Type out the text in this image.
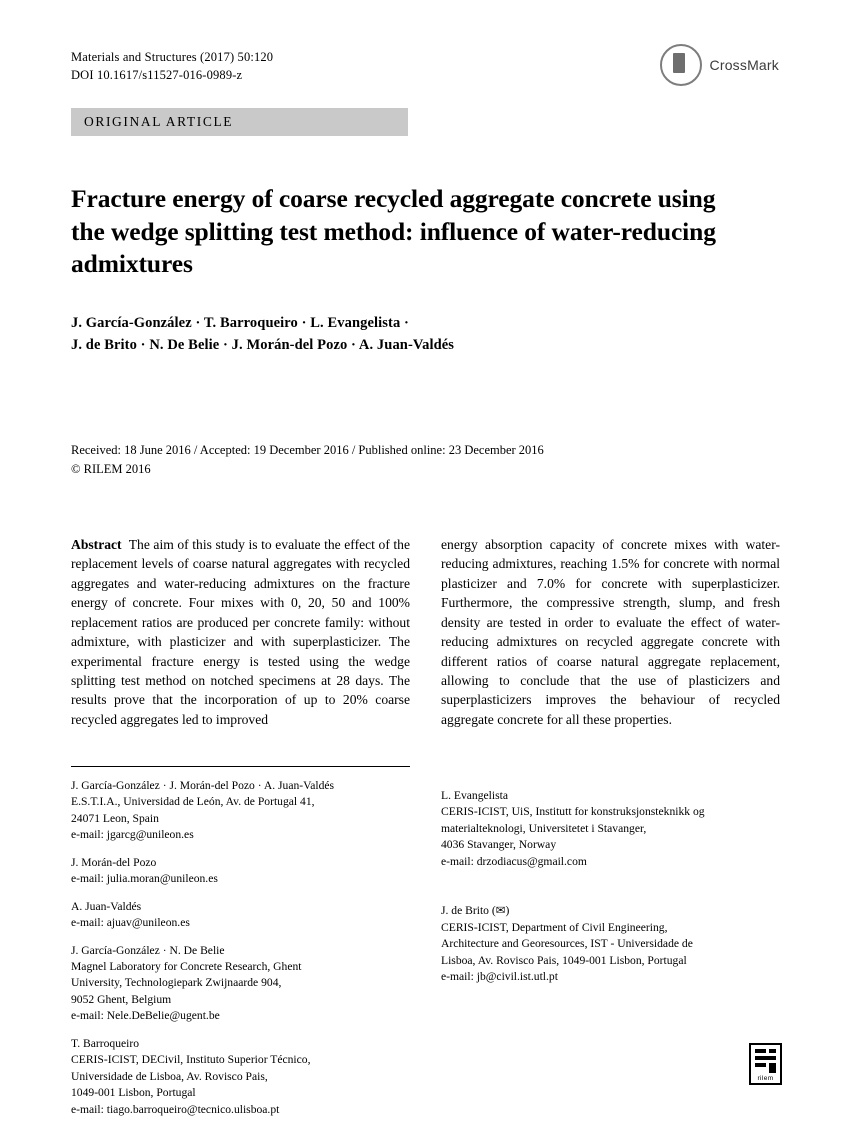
Materials and Structures (2017) 50:120
DOI 10.1617/s11527-016-0989-z
CrossMark
ORIGINAL ARTICLE
Fracture energy of coarse recycled aggregate concrete using the wedge splitting test method: influence of water-reducing admixtures
J. García-González · T. Barroqueiro · L. Evangelista ·
J. de Brito · N. De Belie · J. Morán-del Pozo · A. Juan-Valdés
Received: 18 June 2016 / Accepted: 19 December 2016 / Published online: 23 December 2016
© RILEM 2016

Abstract The aim of this study is to evaluate the effect of the replacement levels of coarse natural aggregates with recycled aggregates and water-reducing admixtures on the fracture energy of concrete. Four mixes with 0, 20, 50 and 100% replacement ratios are produced per concrete family: without admixture, with plasticizer and with superplasticizer. The experimental fracture energy is tested using the wedge splitting test method on notched specimens at 28 days. The results prove that the incorporation of up to 20% coarse recycled aggregates led to improved

energy absorption capacity of concrete mixes with water-reducing admixtures, reaching 1.5% for concrete with normal plasticizer and 7.0% for concrete with superplasticizer. Furthermore, the compressive strength, slump, and fresh density are tested in order to evaluate the effect of water-reducing admixtures on recycled aggregate concrete with different ratios of coarse natural aggregate replacement, allowing to conclude that the use of plasticizers and superplasticizers improves the behaviour of recycled aggregate concrete for all these properties.

J. García-González · J. Morán-del Pozo · A. Juan-Valdés
E.S.T.I.A., Universidad de León, Av. de Portugal 41,
24071 Leon, Spain
e-mail: jgarcg@unileon.es
J. Morán-del Pozo
e-mail: julia.moran@unileon.es
A. Juan-Valdés
e-mail: ajuav@unileon.es
J. García-González · N. De Belie
Magnel Laboratory for Concrete Research, Ghent
University, Technologiepark Zwijnaarde 904,
9052 Ghent, Belgium
e-mail: Nele.DeBelie@ugent.be
T. Barroqueiro
CERIS-ICIST, DECivil, Instituto Superior Técnico,
Universidade de Lisboa, Av. Rovisco Pais,
1049-001 Lisbon, Portugal
e-mail: tiago.barroqueiro@tecnico.ulisboa.pt
L. Evangelista
CERIS-ICIST, UiS, Institutt for konstruksjonsteknikk og
materialteknologi, Universitetet i Stavanger,
4036 Stavanger, Norway
e-mail: drzodiacus@gmail.com
J. de Brito (✉)
CERIS-ICIST, Department of Civil Engineering,
Architecture and Georesources, IST - Universidade de
Lisboa, Av. Rovisco Pais, 1049-001 Lisbon, Portugal
e-mail: jb@civil.ist.utl.pt
rilem
